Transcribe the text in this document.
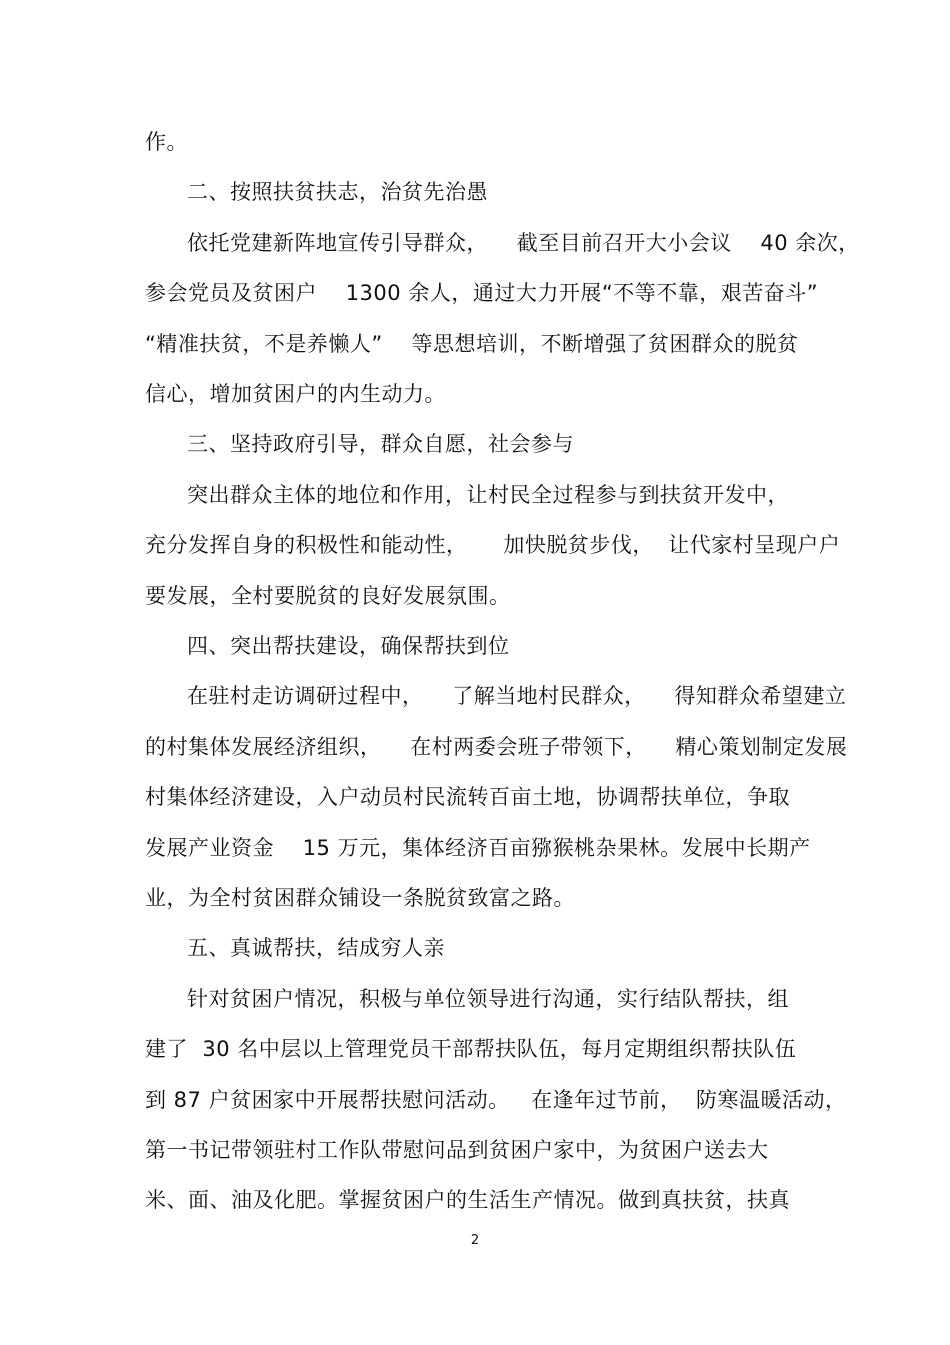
作。
二、按照扶贫扶志，治贫先治愚
依托党建新阵地宣传引导群众，    截至目前召开大小会议    40 余次，
参会党员及贫困户    1300 余人，通过大力开展“不等不靠，艰苦奋斗”
“精准扶贫，不是养懒人”    等思想培训，不断增强了贫困群众的脱贫
信心，增加贫困户的内生动力。
三、坚持政府引导，群众自愿，社会参与
突出群众主体的地位和作用，让村民全过程参与到扶贫开发中，
充分发挥自身的积极性和能动性，     加快脱贫步伐，  让代家村呈现户户
要发展，全村要脱贫的良好发展氛围。
四、突出帮扶建设，确保帮扶到位
在驻村走访调研过程中，    了解当地村民群众，    得知群众希望建立
的村集体发展经济组织，    在村两委会班子带领下，    精心策划制定发展
村集体经济建设，入户动员村民流转百亩土地，协调帮扶单位，争取
发展产业资金    15 万元，集体经济百亩猕猴桃杂果林。发展中长期产
业，为全村贫困群众铺设一条脱贫致富之路。
五、真诚帮扶，结成穷人亲
针对贫困户情况，积极与单位领导进行沟通，实行结队帮扶，组
建了  30 名中层以上管理党员干部帮扶队伍，每月定期组织帮扶队伍
到 87 户贫困家中开展帮扶慰问活动。   在逢年过节前，  防寒温暖活动，
第一书记带领驻村工作队带慰问品到贫困户家中，为贫困户送去大
米、面、油及化肥。掌握贫困户的生活生产情况。做到真扶贫，扶真
2
